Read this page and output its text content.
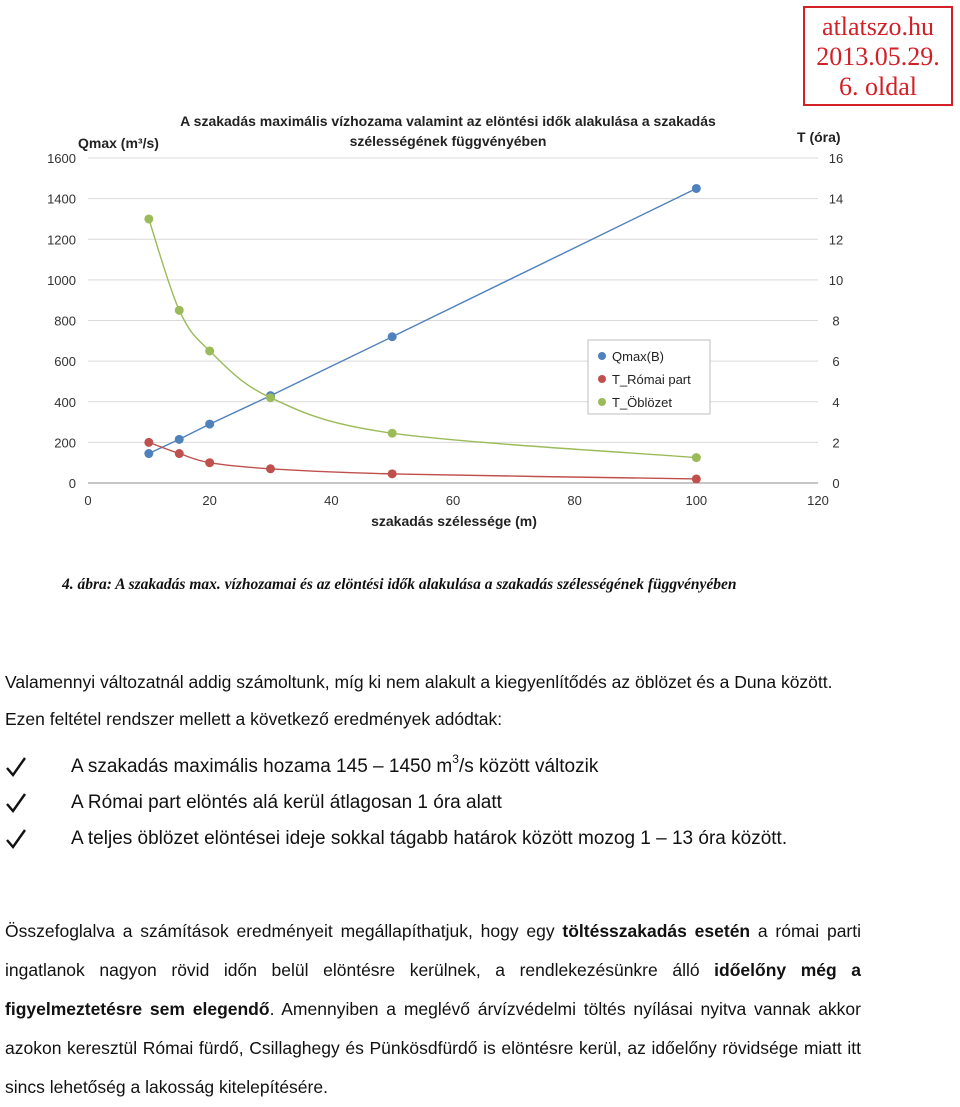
atlatszo.hu
2013.05.29.
6. oldal
A szakadás maximális vízhozama valamint az elöntési idők alakulása a szakadás
szélességének függvényében
Qmax (m³/s)	T (óra)
szakadás szélessége (m)
0
200
400
600
800
1000
1200
1400
1600
0
2
4
6
8
10
12
14
16
0	20	40	60	80	100	120
Qmax(B)
T_Római part
T_Öblözet
4. ábra: A szakadás max. vízhozamai és az elöntési idők alakulása a szakadás szélességének függvényében
Valamennyi változatnál addig számoltunk, míg ki nem alakult a kiegyenlítődés az öblözet és a Duna között. Ezen feltétel rendszer mellett a következő eredmények adódtak:
A szakadás maximális hozama 145 – 1450 $m^3/s$ között változik
A Római part elöntés alá kerül átlagosan 1 óra alatt
A teljes öblözet elöntései ideje sokkal tágabb határok között mozog 1 – 13 óra között.
Összefoglalva a számítások eredményeit megállapíthatjuk, hogy egy töltésszakadás esetén a római parti ingatlanok nagyon rövid időn belül elöntésre kerülnek, a rendlekezésünkre álló időelőny még a figyelmeztetésre sem elegendő. Amennyiben a meglévő árvízvédelmi töltés nyílásai nyitva vannak akkor azokon keresztül Római fürdő, Csillaghegy és Pünkösdfürdő is elöntésre kerül, az időelőny rövidsége miatt itt sincs lehetőség a lakosság kitelepítésére.
